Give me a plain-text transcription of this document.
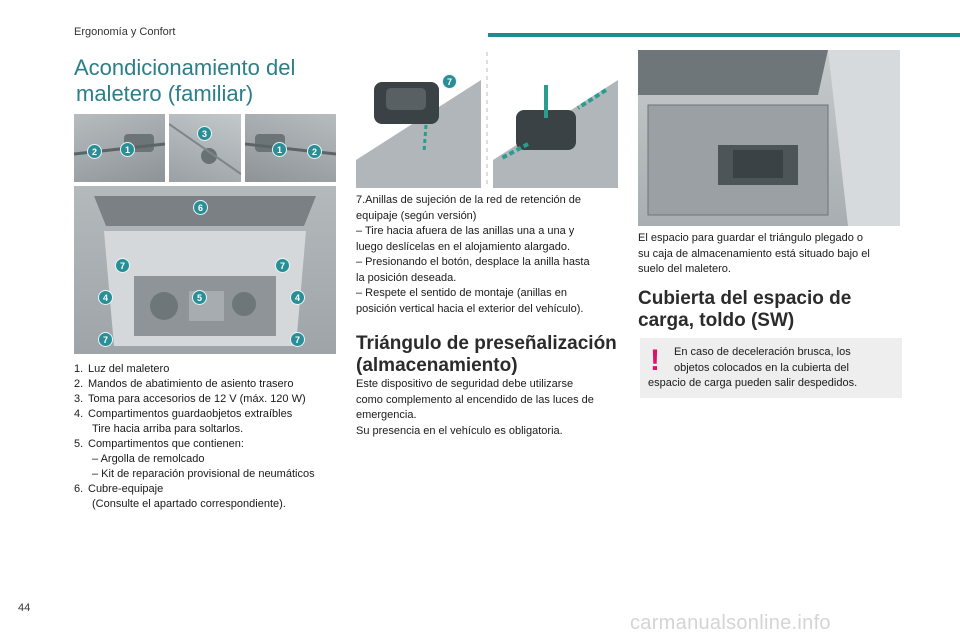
Ergonomía y Confort
Acondicionamiento del
maletero (familiar)
2	1
3
1	2
6
7	7
4	5	4
7	7
1. Luz del maletero
2. Mandos de abatimiento de asiento trasero
3. Toma para accesorios de 12 V (máx. 120 W)
4. Compartimentos guardaobjetos extraíbles
Tire hacia arriba para soltarlos.
5. Compartimentos que contienen:
– Argolla de remolcado
– Kit de reparación provisional de neumáticos
6. Cubre-equipaje
(Consulte el apartado correspondiente).
7
7.Anillas de sujeción de la red de retención de
equipaje (según versión)
– Tire hacia afuera de las anillas una a una y
luego deslícelas en el alojamiento alargado.
– Presionando el botón, desplace la anilla hasta
la posición deseada.
– Respete el sentido de montaje (anillas en
posición vertical hacia el exterior del vehículo).
Triángulo de preseñalización
(almacenamiento)
Este dispositivo de seguridad debe utilizarse
como complemento al encendido de las luces de
emergencia.
Su presencia en el vehículo es obligatoria.
El espacio para guardar el triángulo plegado o
su caja de almacenamiento está situado bajo el
suelo del maletero.
Cubierta del espacio de
carga, toldo (SW)
!	En caso de deceleración brusca, los
objetos colocados en la cubierta del
espacio de carga pueden salir despedidos.
44
carmanualsonline.info
